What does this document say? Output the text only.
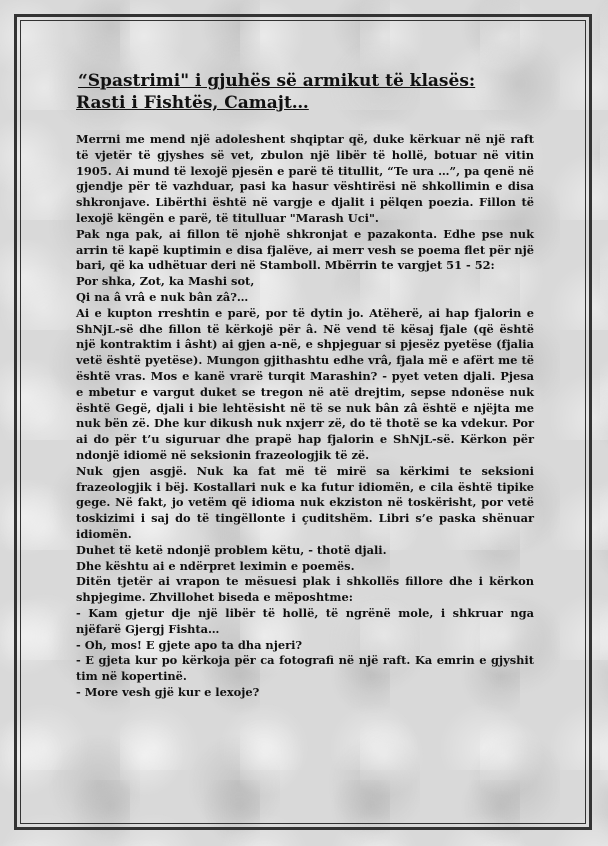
“Spastrimi" i gjuhës së armikut të klasës:
Rasti i Fishtës, Camajt…

Merrni me mend një adoleshent shqiptar që, duke kërkuar në një raft të vjetër të gjyshes së vet, zbulon një libër të hollë, botuar në vitin 1905. Ai mund të lexojë pjesën e parë të titullit, “Te ura …”, pa qenë në gjendje për të vazhduar, pasi ka hasur vështirësi në shkollimin e disa shkronjave. Libërthi është në vargje e djalit i pëlqen poezia. Fillon të lexojë këngën e parë, të titulluar "Marash Uci".

Pak nga pak, ai fillon të njohë shkronjat e pazakonta. Edhe pse nuk arrin të kapë kuptimin e disa fjalëve, ai merr vesh se poema flet për një bari, që ka udhëtuar deri në Stamboll. Mbërrin te vargjet 51 - 52:

Por shka, Zot, ka Mashi sot,

Qi na â vrâ e nuk bân zâ?…

Ai e kupton rreshtin e parë, por të dytin jo. Atëherë, ai hap fjalorin e ShNjL-së dhe fillon të kërkojë për â. Në vend të kësaj fjale (që është një kontraktim i âsht) ai gjen a-në, e shpjeguar si pjesëz pyetëse (fjalia vetë është pyetëse). Mungon gjithashtu edhe vrâ, fjala më e afërt me të është vras. Mos e kanë vrarë turqit Marashin? - pyet veten djali. Pjesa e mbetur e vargut duket se tregon në atë drejtim, sepse ndonëse nuk është Gegë, djali i bie lehtësisht në të se nuk bân zâ është e njëjta me nuk bën zë. Dhe kur dikush nuk nxjerr zë, do të thotë se ka vdekur. Por ai do për t’u siguruar dhe prapë hap fjalorin e ShNjL-së. Kërkon për ndonjë idiomë në seksionin frazeologjik të zë.

Nuk gjen asgjë. Nuk ka fat më të mirë sa kërkimi te seksioni frazeologjik i bëj. Kostallari nuk e ka futur idiomën, e cila është tipike gege. Në fakt, jo vetëm që idioma nuk ekziston në toskërisht, por vetë toskizimi i saj do të tingëllonte i çuditshëm. Libri s’e paska shënuar idiomën.

Duhet të ketë ndonjë problem këtu, - thotë djali.

Dhe kështu ai e ndërpret leximin e poemës.

Ditën tjetër ai vrapon te mësuesi plak i shkollës fillore dhe i kërkon shpjegime. Zhvillohet biseda e mëposhtme:

- Kam gjetur dje një libër të hollë, të ngrënë mole, i shkruar nga njëfarë Gjergj Fishta…

- Oh, mos! E gjete apo ta dha njeri?

- E gjeta kur po kërkoja për ca fotografi në një raft. Ka emrin e gjyshit tim në kopertinë.

- More vesh gjë kur e lexoje?
